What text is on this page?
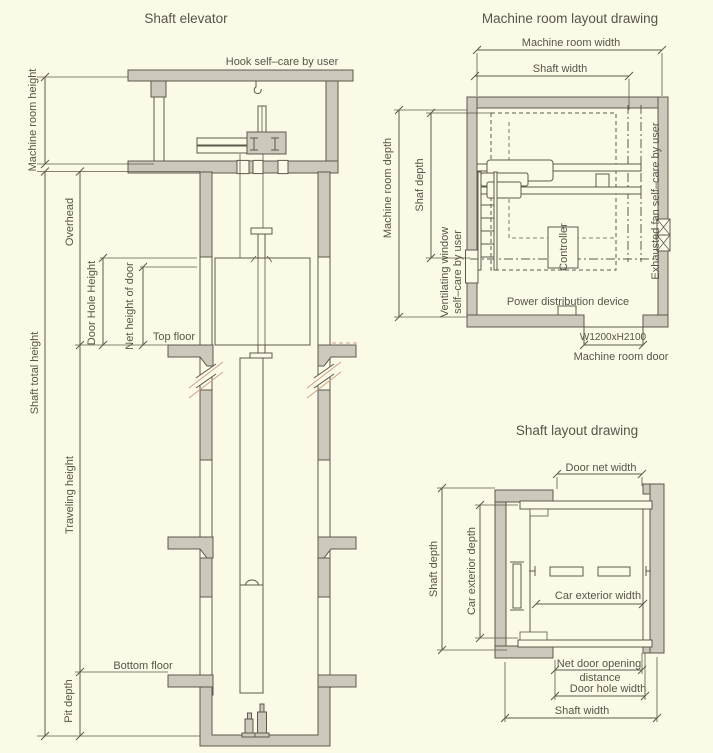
Shaft elevator
Hook self–care by user
Machine room height
Overhead
Door Hole Height Net height of door Top floor
Shaft total height
Traveling height
Bottom floor
Pit depth
Machine room layout drawing
Machine room width
Shaft width
Machine room depth Shaf depth
Ventilating window self–care by user	Controller
Power distribution device
W1200xH2100
Machine room door
Exhausted fan self–care by user
Shaft layout drawing
Door net width
Shaft depth Car exterior depth	Car exterior width
Net door opening
distance
Door hole width
Shaft width
